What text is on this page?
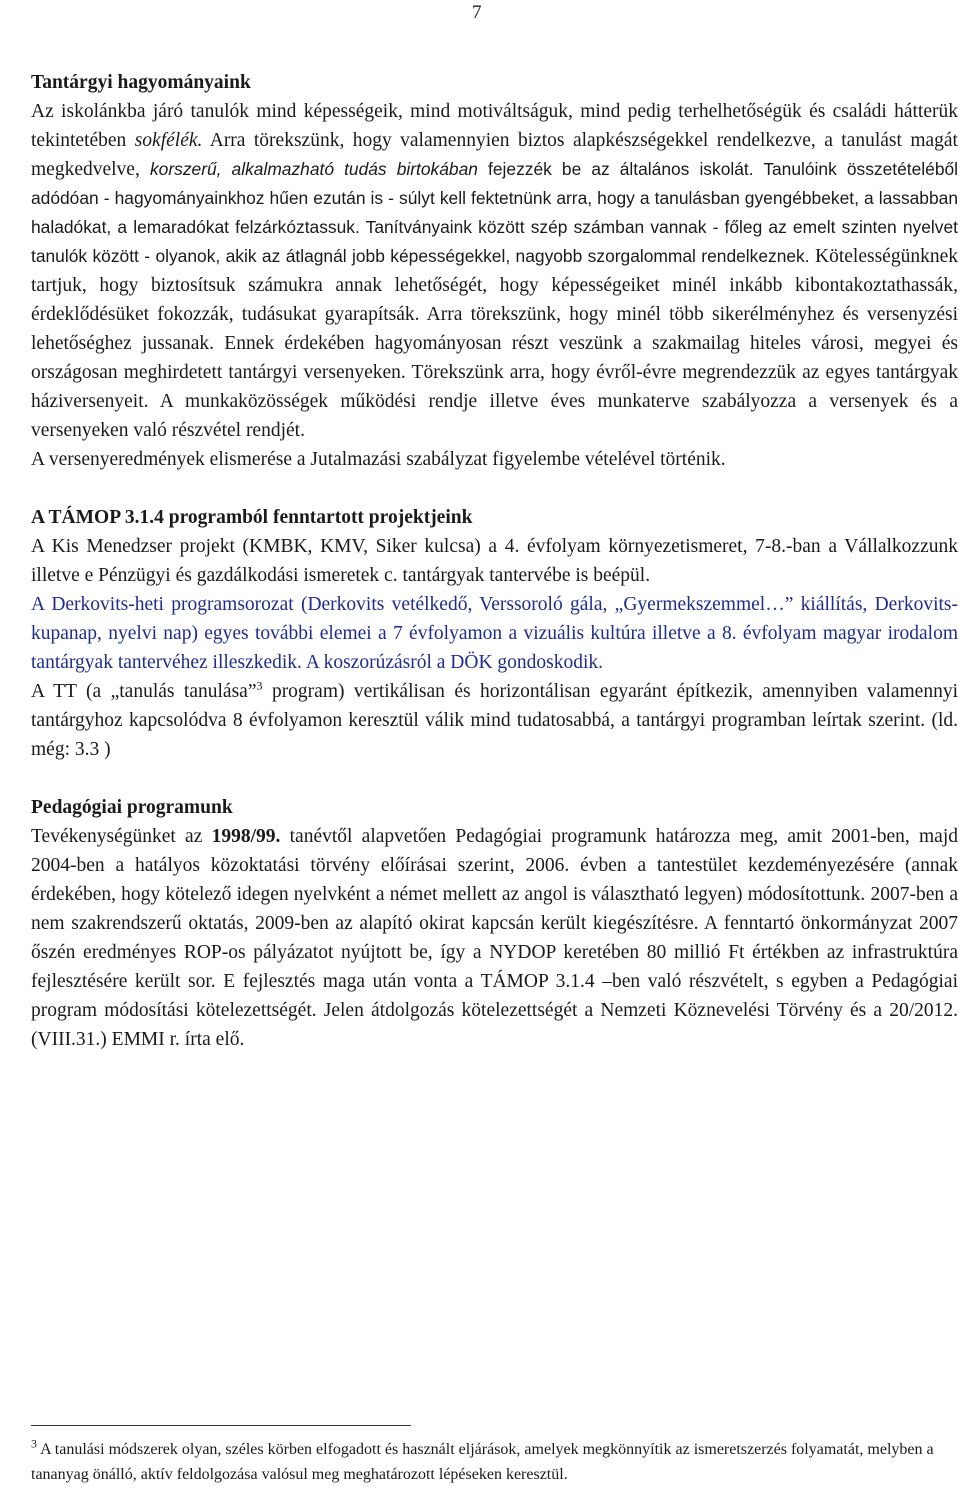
7
Tantárgyi hagyományaink

Az iskolánkba járó tanulók mind képességeik, mind motiváltságuk, mind pedig terhelhetőségük és családi hátterük tekintetében sokfélék. Arra törekszünk, hogy valamennyien biztos alapkészségekkel rendelkezve, a tanulást magát megkedvelve, korszerű, alkalmazható tudás birtokában fejezzék be az általános iskolát. Tanulóink összetételéből adódóan - hagyományainkhoz hűen ezután is - súlyt kell fektetnünk arra, hogy a tanulásban gyengébbeket, a lassabban haladókat, a lemaradókat felzárkóztassuk. Tanítványaink között szép számban vannak - főleg az emelt szinten nyelvet tanulók között - olyanok, akik az átlagnál jobb képességekkel, nagyobb szorgalommal rendelkeznek. Kötelességünknek tartjuk, hogy biztosítsuk számukra annak lehetőségét, hogy képességeiket minél inkább kibontakoztathassák, érdeklődésüket fokozzák, tudásukat gyarapítsák. Arra törekszünk, hogy minél több sikerélményhez és versenyzési lehetőséghez jussanak. Ennek érdekében hagyományosan részt veszünk a szakmailag hiteles városi, megyei és országosan meghirdetett tantárgyi versenyeken. Törekszünk arra, hogy évről-évre megrendezzük az egyes tantárgyak háziversenyeit. A munkaközösségek működési rendje illetve éves munkaterve szabályozza a versenyek és a versenyeken való részvétel rendjét.

A versenyeredmények elismerése a Jutalmazási szabályzat figyelembe vételével történik.

A TÁMOP 3.1.4 programból fenntartott projektjeink

A Kis Menedzser projekt (KMBK, KMV, Siker kulcsa) a 4. évfolyam környezetismeret, 7-8.-ban a Vállalkozzunk illetve e Pénzügyi és gazdálkodási ismeretek c. tantárgyak tantervébe is beépül.

A Derkovits-heti programsorozat (Derkovits vetélkedő, Verssoroló gála, „Gyermekszemmel…” kiállítás, Derkovits-kupanap, nyelvi nap) egyes további elemei a 7 évfolyamon a vizuális kultúra illetve a 8. évfolyam magyar irodalom tantárgyak tantervéhez illeszkedik. A koszorúzásról a DÖK gondoskodik.

A TT (a „tanulás tanulása”$^3$ program) vertikálisan és horizontálisan egyaránt építkezik, amennyiben valamennyi tantárgyhoz kapcsolódva 8 évfolyamon keresztül válik mind tudatosabbá, a tantárgyi programban leírtak szerint. (ld. még: 3.3 )

Pedagógiai programunk

Tevékenységünket az 1998/99. tanévtől alapvetően Pedagógiai programunk határozza meg, amit 2001-ben, majd 2004-ben a hatályos közoktatási törvény előírásai szerint, 2006. évben a tantestület kezdeményezésére (annak érdekében, hogy kötelező idegen nyelvként a német mellett az angol is választható legyen) módosítottunk. 2007-ben a nem szakrendszerű oktatás, 2009-ben az alapító okirat kapcsán került kiegészítésre. A fenntartó önkormányzat 2007 őszén eredményes ROP-os pályázatot nyújtott be, így a NYDOP keretében 80 millió Ft értékben az infrastruktúra fejlesztésére került sor. E fejlesztés maga után vonta a TÁMOP 3.1.4 –ben való részvételt, s egyben a Pedagógiai program módosítási kötelezettségét. Jelen átdolgozás kötelezettségét a Nemzeti Köznevelési Törvény és a 20/2012. (VIII.31.) EMMI r. írta elő.

$^3$ A tanulási módszerek olyan, széles körben elfogadott és használt eljárások, amelyek megkönnyítik az ismeretszerzés folyamatát, melyben a tananyag önálló, aktív feldolgozása valósul meg meghatározott lépéseken keresztül.
